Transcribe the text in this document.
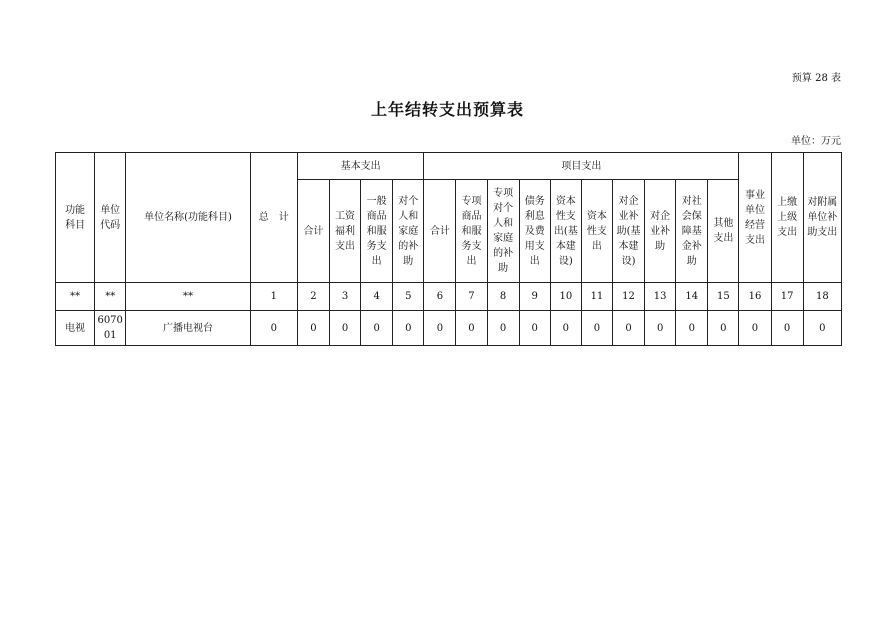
预算 28 表
上年结转支出预算表
单位：万元
功能科目	单位代码	单位名称(功能科目)	总　计	基本支出				项目支出										事业单位经营支出	上缴上级支出	对附属单位补助支出
				合计	工资福利支出	一般商品和服务支出	对个人和家庭的补助	合计	专项商品和服务支出	专项对个人和家庭的补助	债务利息及费用支出	资本性支出(基本建设)	资本性支出	对企业补助(基本建设)	对企业补助	对社会保障基金补助	其他支出			
**	**	**	1	2	3	4	5	6	7	8	9	10	11	12	13	14	15	16	17	18
电视	607001	广播电视台	0	0	0	0	0	0	0	0	0	0	0	0	0	0	0	0	0	0
